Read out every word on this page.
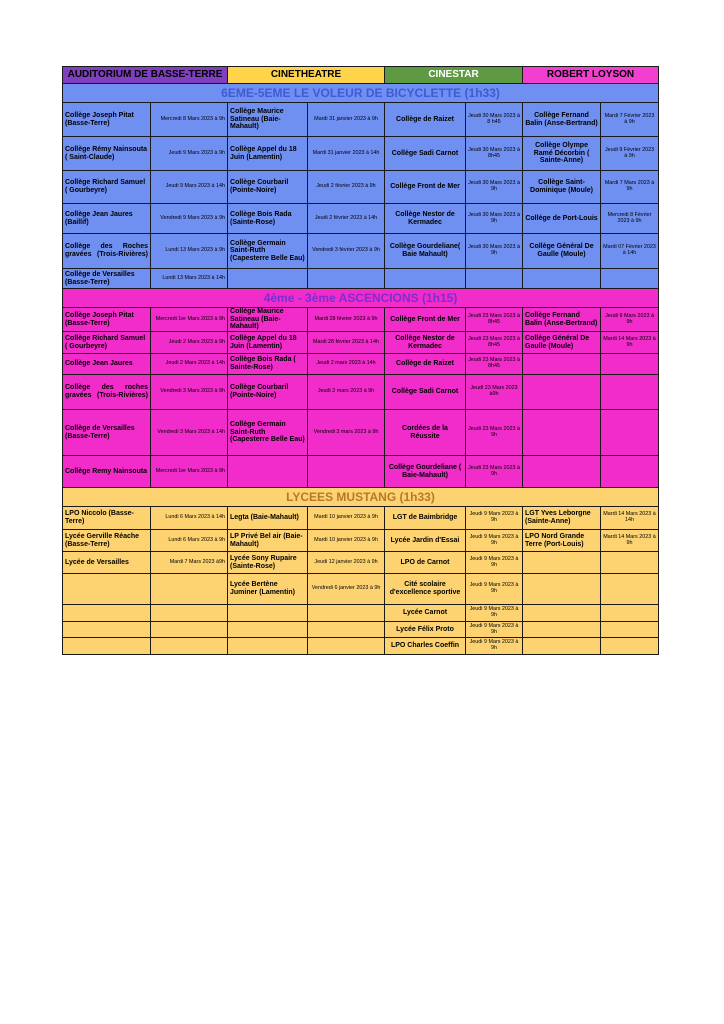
AUDITORIUM DE BASSE-TERRE		CINETHEATRE		CINESTAR		ROBERT LOYSON	
6EME-5EME LE VOLEUR DE BICYCLETTE (1h33)							
Collège Joseph Pitat (Basse-Terre)	Mercredi 8 Mars 2023 à 9h	Collège Maurice Satineau (Baie-Mahault)	Mardi 31 janvier 2023 à 9h	Collège de Raizet	Jeudi 30 Mars 2023 à 8 h45	Collège Fernand Balin (Anse-Bertrand)	Mardi 7 Février 2023 à 9h
Collège Rémy Nainsouta ( Saint-Claude)	Jeudi 9 Mars 2023 à 9h	Collège Appel du 18 Juin (Lamentin)	Mardi 31 janvier 2023 à 14h	Collège Sadi Carnot	Jeudi 30 Mars 2023 à 8h45	Collège Olympe Ramé Décorbin ( Sainte-Anne)	Jeudi 9 Février 2023 à 9h
Collège Richard Samuel ( Gourbeyre)	Jeudi 9 Mars 2023 à 14h	Collège Courbaril (Pointe-Noire)	Jeudi 2 février 2023 à 9h	Collège Front de Mer	Jeudi 30 Mars 2023 à 9h	Collège Saint-Dominique (Moule)	Mardi 7 Mars 2023 à 9h
Collège Jean Jaures (Baillif)	Vendredi 9 Mars 2023 à 9h	Collège Bois Rada (Sainte-Rose)	Jeudi 2 février 2023 à 14h	Collège Nestor de Kermadec	Jeudi 30 Mars 2023 à 9h	Collège de Port-Louis	Mercredi 8 Février 2023 à 9h
Collège des Roches gravées (Trois-Rivières)	Lundi 13 Mars 2023 à 9h	Collège Germain Saint-Ruth (Capesterre Belle Eau)	Vendredi 3 février 2023 à 9h	Collège Gourdeliane( Baie Mahault)	Jeudi 30 Mars 2023 à 9h	Collège Général De Gaulle (Moule)	Mardi 07 Février 2023 à 14h
Collège de Versailles (Basse-Terre)	Lundi 13 Mars 2023 à 14h						
4ème - 3ème ASCENCIONS (1h15)							
Collège Joseph Pitat (Basse-Terre)	Mercredi 1er Mars 2023 à 9h	Collège Maurice Satineau (Baie-Mahault)	Mardi 28 février 2023 à 9h	Collège Front de Mer	Jeudi 23 Mars 2023 à 8h45	Collège Fernand Balin (Anse-Bertrand)	Jeudi 9 Mars 2023 à 9h
Collège Richard Samuel ( Gourbeyre)	Jeudi 2 Mars 2023 à 9h	Collège Appel du 18 Juin (Lamentin)	Mardi 28 février 2023 à 14h	Collège Nestor de Kermadec	Jeudi 23 Mars 2023 à 8h45	Collège Général De Gaulle (Moule)	Mardi 14 Mars 2023 à 9h
Collège Jean Jaures	Jeudi 2 Mars 2023 à 14h	Collège Bois Rada ( Sainte-Rose)	Jeudi 2 mars 2023 à 14h	Collège de Raizet	Jeudi 23 Mars 2023 à 8h45		
Collège des roches gravées (Trois-Rivières)	Vendredi 3 Mars 2023 à 9h	Collège Courbaril (Pointe-Noire)	Jeudi 2 mars 2023 à 9h	Collège Sadi Carnot	Jeudi 23 Mars 2023 à9h		
Collège de Versailles (Basse-Terre)	Vendredi 3 Mars 2023 à 14h	Collège Germain Saint-Ruth (Capesterre Belle Eau)	Vendredi 3 mars 2023 à 9h	Cordées de la Réussite	Jeudi 23 Mars 2023 à 9h		
Collège Remy Nainsouta	Mercredi 1er Mars 2023 à 9h			Collège Gourdeliane ( Baie-Mahault)	Jeudi 23 Mars 2023 à 9h		
LYCEES MUSTANG (1h33)							
LPO Niccolo (Basse-Terre)	Lundi 6 Mars 2023 à 14h	Legta (Baie-Mahault)	Mardi 10 janvier 2023 à 9h	LGT de Baimbridge	Jeudi 9 Mars 2023 à 9h	LGT Yves Leborgne (Sainte-Anne)	Mardi 14 Mars 2023 à 14h
Lycée Gerville Réache (Basse-Terre)	Lundi 6 Mars 2023 à 9h	LP Privé Bel air (Baie-Mahault)	Mardi 10 janvier 2023 à 9h	Lycée Jardin d'Essai	Jeudi 9 Mars 2023 à 9h	LPO Nord Grande Terre (Port-Louis)	Mardi 14 Mars 2023 à 9h
Lycée de Versailles	Mardi 7 Mars 2023 à9h	Lycée Sony Rupaire (Sainte-Rose)	Jeudi 12 janvier 2023 à 9h	LPO de Carnot	Jeudi 9 Mars 2023 à 9h		
		Lycée Bertène Juminer (Lamentin)	Vendredi 6 janvier 2023 à 9h	Cité scolaire d'excellence sportive	Jeudi 9 Mars 2023 à 9h		
				Lycée Carnot	Jeudi 9 Mars 2023 à 9h		
				Lycée Félix Proto	Jeudi 9 Mars 2023 à 9h		
				LPO Charles Coeffin	Jeudi 9 Mars 2023 à 9h		
